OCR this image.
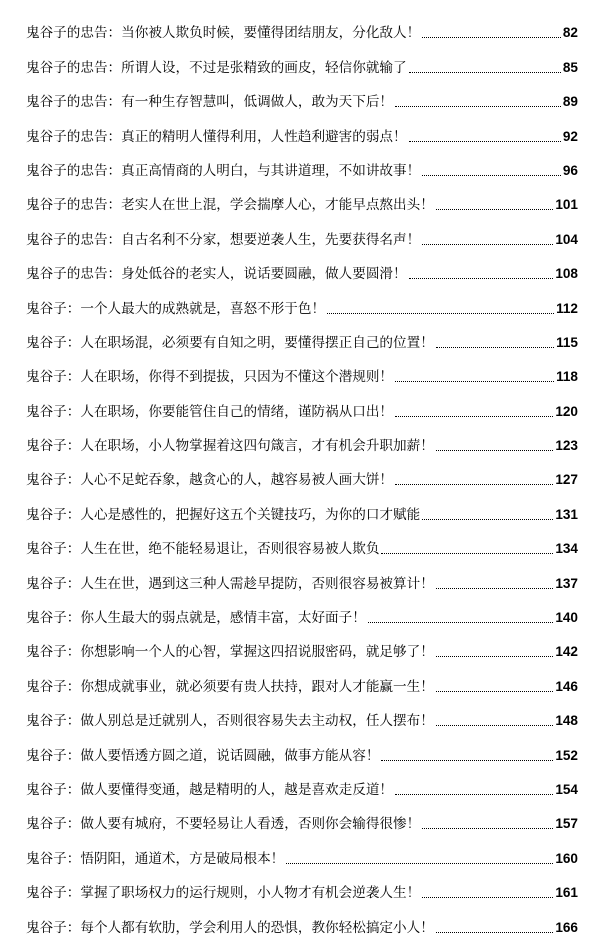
鬼谷子的忠告：当你被人欺负时候，要懂得团结朋友，分化敌人！	82
鬼谷子的忠告：所谓人设，不过是张精致的画皮，轻信你就输了	85
鬼谷子的忠告：有一种生存智慧叫，低调做人，敢为天下后！	89
鬼谷子的忠告：真正的精明人懂得利用，人性趋利避害的弱点！	92
鬼谷子的忠告：真正高情商的人明白，与其讲道理，不如讲故事！	96
鬼谷子的忠告：老实人在世上混，学会揣摩人心，才能早点熬出头！	101
鬼谷子的忠告：自古名利不分家，想要逆袭人生，先要获得名声！	104
鬼谷子的忠告：身处低谷的老实人，说话要圆融，做人要圆滑！	108
鬼谷子：一个人最大的成熟就是，喜怒不形于色！	112
鬼谷子：人在职场混，必须要有自知之明，要懂得摆正自己的位置！	115
鬼谷子：人在职场，你得不到提拔，只因为不懂这个潜规则！	118
鬼谷子：人在职场，你要能管住自己的情绪，谨防祸从口出！	120
鬼谷子：人在职场，小人物掌握着这四句箴言，才有机会升职加薪！	123
鬼谷子：人心不足蛇吞象，越贪心的人，越容易被人画大饼！	127
鬼谷子：人心是感性的，把握好这五个关键技巧，为你的口才赋能	131
鬼谷子：人生在世，绝不能轻易退让，否则很容易被人欺负	134
鬼谷子：人生在世，遇到这三种人需趁早提防，否则很容易被算计！	137
鬼谷子：你人生最大的弱点就是，感情丰富，太好面子！	140
鬼谷子：你想影响一个人的心智，掌握这四招说服密码，就足够了！	142
鬼谷子：你想成就事业，就必须要有贵人扶持，跟对人才能赢一生！	146
鬼谷子：做人别总是迁就别人，否则很容易失去主动权，任人摆布！	148
鬼谷子：做人要悟透方圆之道，说话圆融，做事方能从容！	152
鬼谷子：做人要懂得变通，越是精明的人，越是喜欢走反道！	154
鬼谷子：做人要有城府，不要轻易让人看透，否则你会输得很惨！	157
鬼谷子：悟阴阳，通道术，方是破局根本！	160
鬼谷子：掌握了职场权力的运行规则，小人物才有机会逆袭人生！	161
鬼谷子：每个人都有软肋，学会利用人的恐惧，教你轻松搞定小人！	166
